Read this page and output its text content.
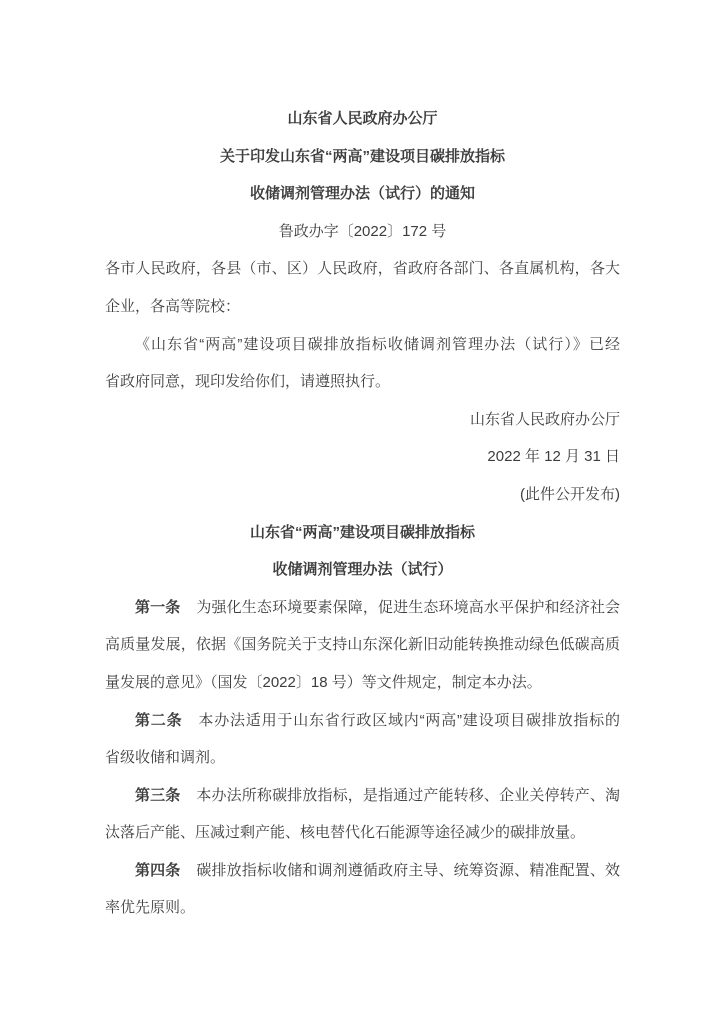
山东省人民政府办公厅
关于印发山东省“两高”建设项目碳排放指标
收储调剂管理办法（试行）的通知
鲁政办字〔2022〕172 号
各市人民政府，各县（市、区）人民政府，省政府各部门、各直属机构，各大
企业，各高等院校：
《山东省“两高”建设项目碳排放指标收储调剂管理办法（试行）》已经
省政府同意，现印发给你们，请遵照执行。
山东省人民政府办公厅
2022 年 12 月 31 日
(此件公开发布)
山东省“两高”建设项目碳排放指标
收储调剂管理办法（试行）
第一条 为强化生态环境要素保障，促进生态环境高水平保护和经济社会
高质量发展，依据《国务院关于支持山东深化新旧动能转换推动绿色低碳高质
量发展的意见》（国发〔2022〕18 号）等文件规定，制定本办法。
第二条 本办法适用于山东省行政区域内“两高”建设项目碳排放指标的
省级收储和调剂。
第三条 本办法所称碳排放指标，是指通过产能转移、企业关停转产、淘
汰落后产能、压减过剩产能、核电替代化石能源等途径减少的碳排放量。
第四条 碳排放指标收储和调剂遵循政府主导、统筹资源、精准配置、效
率优先原则。
